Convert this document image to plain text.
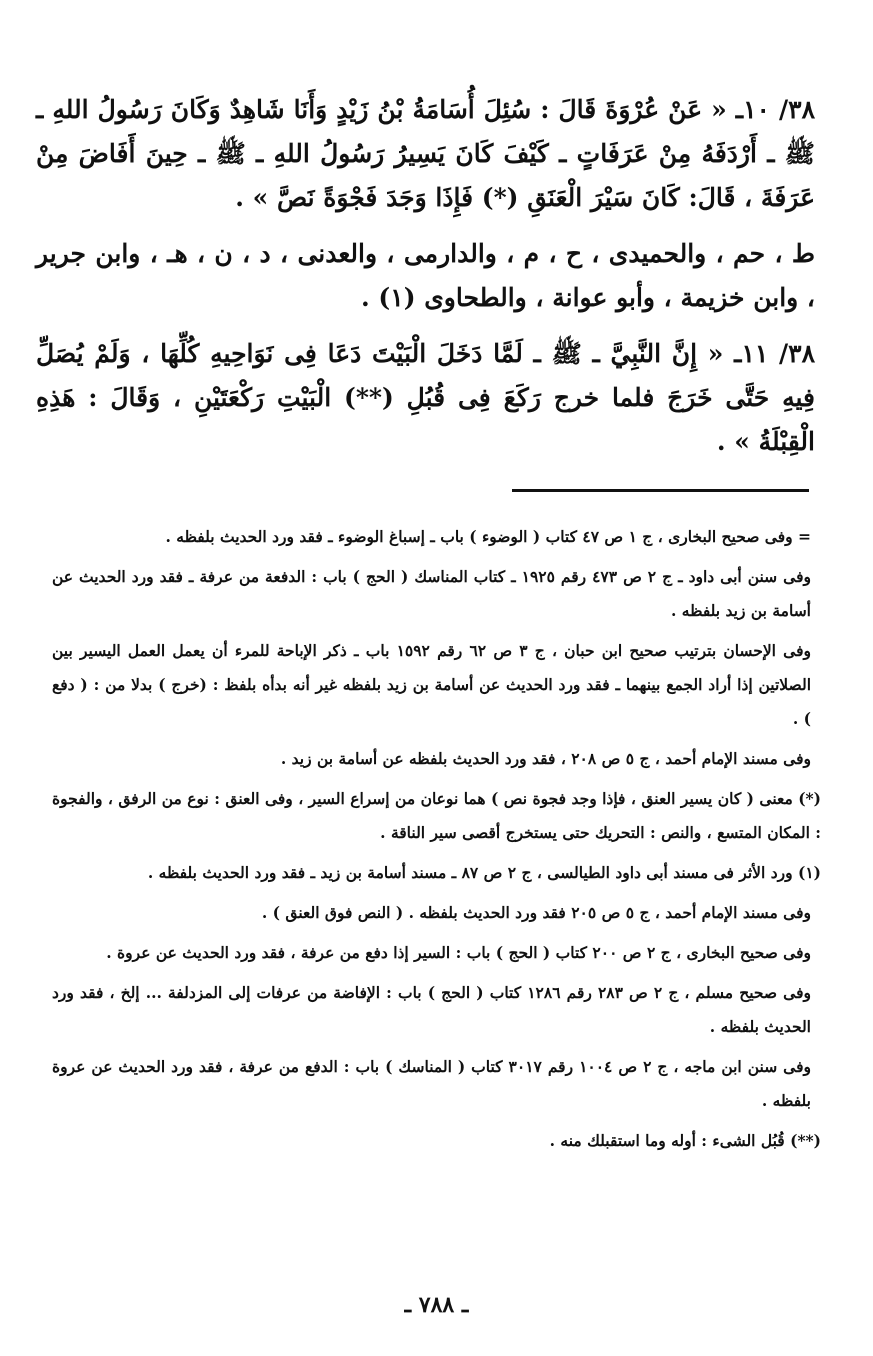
٣٨/ ١٠ـ « عَنْ عُرْوَةَ قَالَ : سُئِلَ أُسَامَةُ بْنُ زَيْدٍ وَأَنَا شَاهِدٌ وَكَانَ رَسُولُ اللهِ ـ ﷺ ـ أَرْدَفَهُ مِنْ عَرَفَاتٍ ـ كَيْفَ كَانَ يَسِيرُ رَسُولُ اللهِ ـ ﷺ ـ حِينَ أَفَاضَ مِنْ عَرَفَةَ ، قَالَ: كَانَ سَيْرَ الْعَنَقِ (*) فَإِذَا وَجَدَ فَجْوَةً نَصَّ » .

ط ، حم ، والحميدى ، ح ، م ، والدارمى ، والعدنى ، د ، ن ، هـ ، وابن جرير ، وابن خزيمة ، وأبو عوانة ، والطحاوى (١) .

٣٨/ ١١ـ « إِنَّ النَّبِيَّ ـ ﷺ ـ لَمَّا دَخَلَ الْبَيْتَ دَعَا فِى نَوَاحِيهِ كُلِّهَا ، وَلَمْ يُصَلِّ فِيهِ حَتَّى خَرَجَ فلما خرج رَكَعَ فِى قُبُلِ (**) الْبَيْتِ رَكْعَتَيْنِ ، وَقَالَ : هَذِهِ الْقِبْلَةُ » .

= وفى صحيح البخارى ، ج ١ ص ٤٧ كتاب ( الوضوء ) باب ـ إسباغ الوضوء ـ فقد ورد الحديث بلفظه .

وفى سنن أبى داود ـ ج ٢ ص ٤٧٣ رقم ١٩٢٥ ـ كتاب المناسك ( الحج ) باب : الدفعة من عرفة ـ فقد ورد الحديث عن أسامة بن زيد بلفظه .

وفى الإحسان بترتيب صحيح ابن حبان ، ج ٣ ص ٦٢ رقم ١٥٩٢ باب ـ ذكر الإباحة للمرء أن يعمل العمل اليسير بين الصلاتين إذا أراد الجمع بينهما ـ فقد ورد الحديث عن أسامة بن زيد بلفظه غير أنه بدأه بلفظ : (خرج ) بدلا من : ( دفع ) .

وفى مسند الإمام أحمد ، ج ٥ ص ٢٠٨ ، فقد ورد الحديث بلفظه عن أسامة بن زيد .

(*) معنى ( كان يسير العنق ، فإذا وجد فجوة نص ) هما نوعان من إسراع السير ، وفى العنق : نوع من الرفق ، والفجوة : المكان المتسع ، والنص : التحريك حتى يستخرج أقصى سير الناقة .

(١) ورد الأثر فى مسند أبى داود الطيالسى ، ج ٢ ص ٨٧ ـ مسند أسامة بن زيد ـ فقد ورد الحديث بلفظه .

وفى مسند الإمام أحمد ، ج ٥ ص ٢٠٥ فقد ورد الحديث بلفظه . ( النص فوق العنق ) .

وفى صحيح البخارى ، ج ٢ ص ٢٠٠ كتاب ( الحج ) باب : السير إذا دفع من عرفة ، فقد ورد الحديث عن عروة .

وفى صحيح مسلم ، ج ٢ ص ٢٨٣ رقم ١٢٨٦ كتاب ( الحج ) باب : الإفاضة من عرفات إلى المزدلفة ... إلخ ، فقد ورد الحديث بلفظه .

وفى سنن ابن ماجه ، ج ٢ ص ١٠٠٤ رقم ٣٠١٧ كتاب ( المناسك ) باب : الدفع من عرفة ، فقد ورد الحديث عن عروة بلفظه .

(**) قُبُل الشىء : أوله وما استقبلك منه .

ـ ٧٨٨ ـ
